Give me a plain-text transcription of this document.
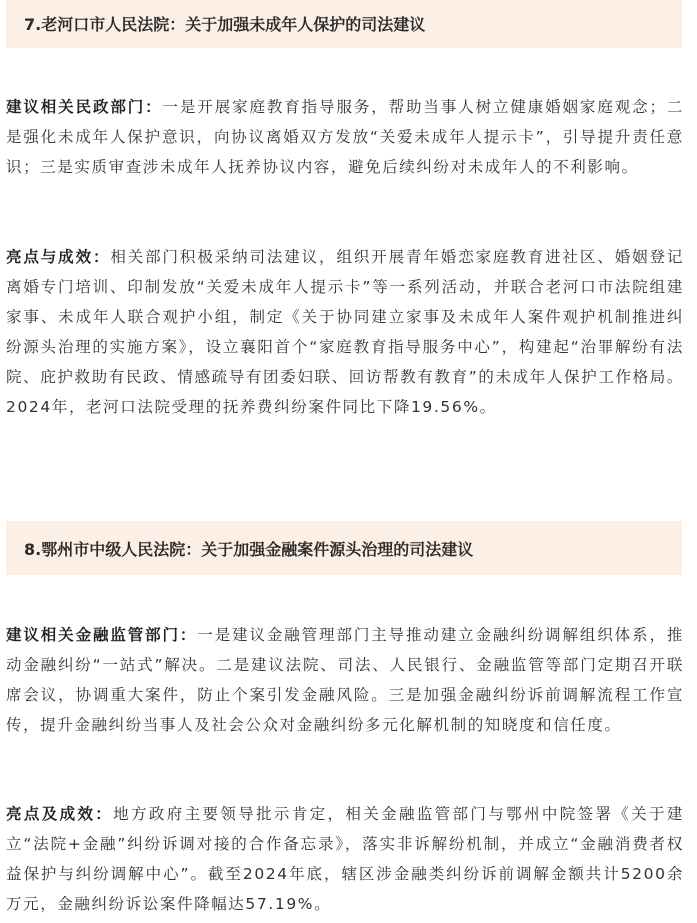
7.老河口市人民法院：关于加强未成年人保护的司法建议

建议相关民政部门：一是开展家庭教育指导服务，帮助当事人树立健康婚姻家庭观念；二是强化未成年人保护意识，向协议离婚双方发放“关爱未成年人提示卡”，引导提升责任意识；三是实质审查涉未成年人抚养协议内容，避免后续纠纷对未成年人的不利影响。

亮点与成效：相关部门积极采纳司法建议，组织开展青年婚恋家庭教育进社区、婚姻登记离婚专门培训、印制发放“关爱未成年人提示卡”等一系列活动，并联合老河口市法院组建家事、未成年人联合观护小组，制定《关于协同建立家事及未成年人案件观护机制推进纠纷源头治理的实施方案》，设立襄阳首个“家庭教育指导服务中心”，构建起“治罪解纷有法院、庇护救助有民政、情感疏导有团委妇联、回访帮教有教育”的未成年人保护工作格局。2024年，老河口法院受理的抚养费纠纷案件同比下降19.56%。

8.鄂州市中级人民法院：关于加强金融案件源头治理的司法建议

建议相关金融监管部门：一是建议金融管理部门主导推动建立金融纠纷调解组织体系，推动金融纠纷“一站式”解决。二是建议法院、司法、人民银行、金融监管等部门定期召开联席会议，协调重大案件，防止个案引发金融风险。三是加强金融纠纷诉前调解流程工作宣传，提升金融纠纷当事人及社会公众对金融纠纷多元化解机制的知晓度和信任度。

亮点及成效：地方政府主要领导批示肯定，相关金融监管部门与鄂州中院签署《关于建立“法院+金融”纠纷诉调对接的合作备忘录》，落实非诉解纷机制，并成立“金融消费者权益保护与纠纷调解中心”。截至2024年底，辖区涉金融类纠纷诉前调解金额共计5200余万元，金融纠纷诉讼案件降幅达57.19%。
